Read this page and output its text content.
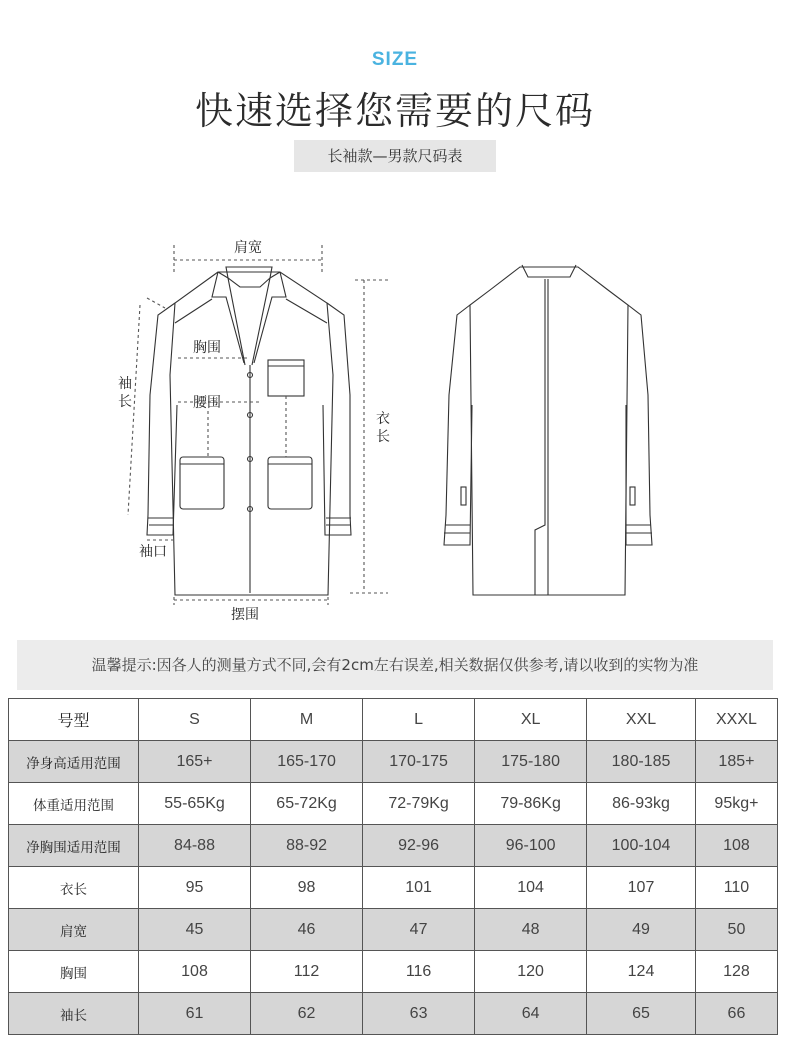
SIZE
快速选择您需要的尺码
长袖款—男款尺码表
肩宽
胸围
腰围
袖
长
衣
长
袖口
摆围
温馨提示:因各人的测量方式不同,会有2cm左右误差,相关数据仅供参考,请以收到的实物为准
号型	S	M	L	XL	XXL	XXXL
净身高适用范围	165+	165-170	170-175	175-180	180-185	185+
体重适用范围	55-65Kg	65-72Kg	72-79Kg	79-86Kg	86-93kg	95kg+
净胸围适用范围	84-88	88-92	92-96	96-100	100-104	108
衣长	95	98	101	104	107	110
肩宽	45	46	47	48	49	50
胸围	108	112	116	120	124	128
袖长	61	62	63	64	65	66
